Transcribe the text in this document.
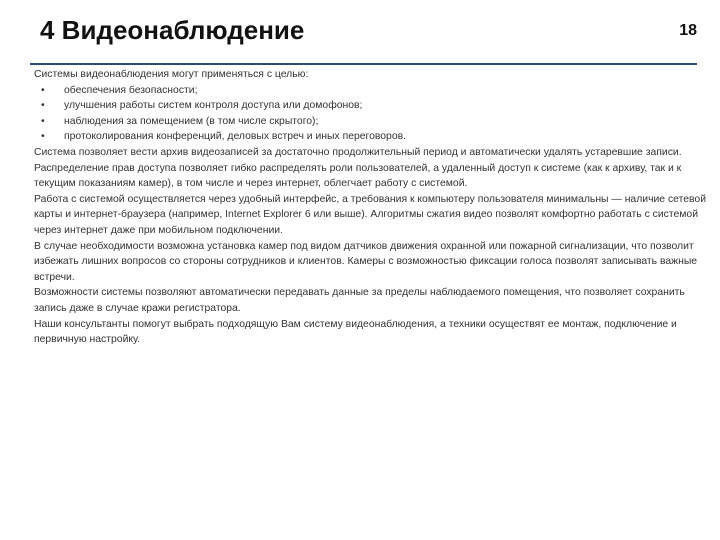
4 Видеонаблюдение	18

Системы видеонаблюдения могут применяться с целью:

• обеспечения безопасности;
• улучшения работы систем контроля доступа или домофонов;
• наблюдения за помещением (в том числе скрытого);
• протоколирования конференций, деловых встреч и иных переговоров.

Система позволяет вести архив видеозаписей за достаточно продолжительный период и автоматически удалять устаревшие записи. Распределение прав доступа позволяет гибко распределять роли пользователей, а удаленный доступ к системе (как к архиву, так и к текущим показаниям камер), в том числе и через интернет, облегчает работу с системой.

Работа с системой осуществляется через удобный интерфейс, а требования к компьютеру пользователя минимальны — наличие сетевой карты и интернет-браузера (например, Internet Explorer 6 или выше). Алгоритмы сжатия видео позволят комфортно работать с системой через интернет даже при мобильном подключении.

В случае необходимости возможна установка камер под видом датчиков движения охранной или пожарной сигнализации, что позволит избежать лишних вопросов со стороны сотрудников и клиентов. Камеры с возможностью фиксации голоса позволят записывать важные встречи.

Возможности системы позволяют автоматически передавать данные за пределы наблюдаемого помещения, что позволяет сохранить запись даже в случае кражи регистратора.

Наши консультанты помогут выбрать подходящую Вам систему видеонаблюдения, а техники осуществят ее монтаж, подключение и первичную настройку.
